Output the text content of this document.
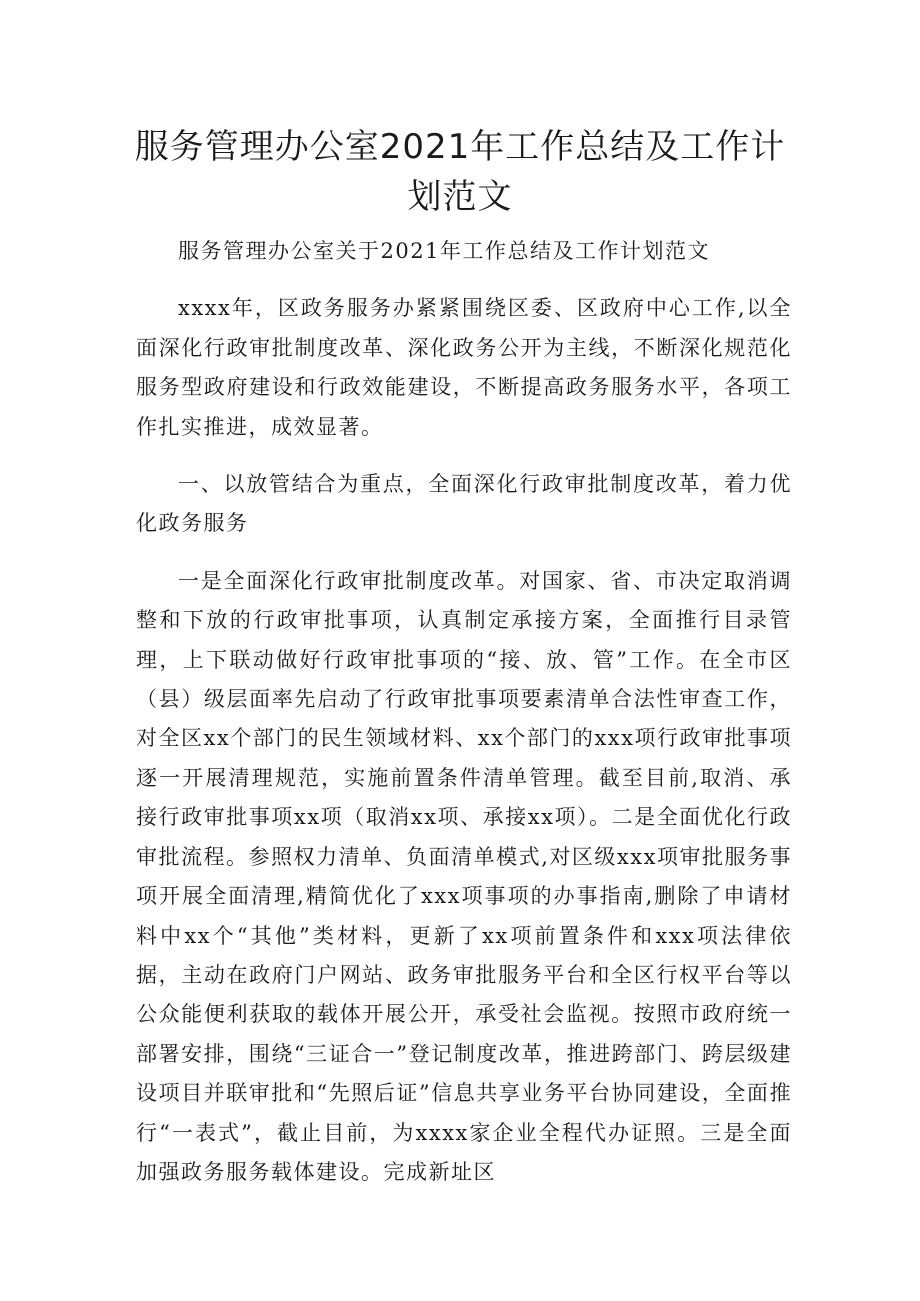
服务管理办公室2021年工作总结及工作计划范文

服务管理办公室关于2021年工作总结及工作计划范文

xxxx年，区政务服务办紧紧围绕区委、区政府中心工作,以全面深化行政审批制度改革、深化政务公开为主线，不断深化规范化服务型政府建设和行政效能建设，不断提高政务服务水平，各项工作扎实推进，成效显著。

一、以放管结合为重点，全面深化行政审批制度改革，着力优化政务服务

一是全面深化行政审批制度改革。对国家、省、市决定取消调整和下放的行政审批事项，认真制定承接方案，全面推行目录管理，上下联动做好行政审批事项的“接、放、管”工作。在全市区（县）级层面率先启动了行政审批事项要素清单合法性审查工作，对全区xx个部门的民生领域材料、xx个部门的xxx项行政审批事项逐一开展清理规范，实施前置条件清单管理。截至目前,取消、承接行政审批事项xx项（取消xx项、承接xx项）。二是全面优化行政审批流程。参照权力清单、负面清单模式,对区级xxx项审批服务事项开展全面清理,精简优化了xxx项事项的办事指南,删除了申请材料中xx个“其他”类材料，更新了xx项前置条件和xxx项法律依据，主动在政府门户网站、政务审批服务平台和全区行权平台等以公众能便利获取的载体开展公开，承受社会监视。按照市政府统一部署安排，围绕“三证合一”登记制度改革，推进跨部门、跨层级建设项目并联审批和“先照后证”信息共享业务平台协同建设，全面推行“一表式”，截止目前，为xxxx家企业全程代办证照。三是全面加强政务服务载体建设。完成新址区
